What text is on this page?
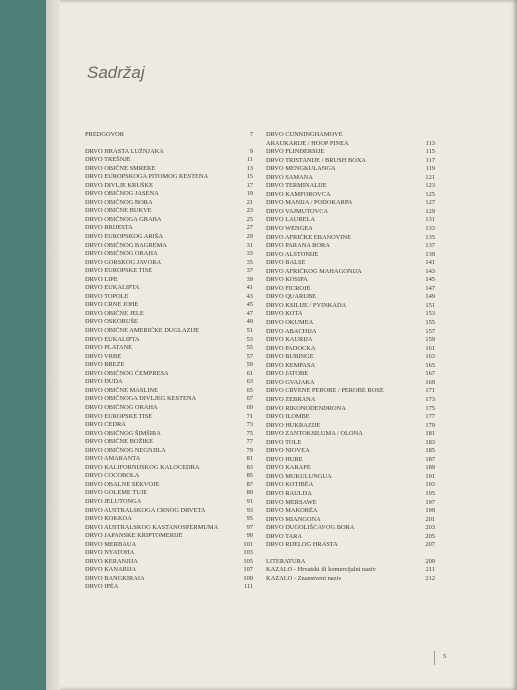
Sadržaj
PREDGOVOR	7
DRVO HRASTA LUŽNJAKA	9
DRVO TREŠNJE	11
DRVO OBIČNE SMREKE	13
DRVO EUROPSKOGA PITOMOG KESTENA	15
DRVO DIVLJE KRUŠKE	17
DRVO OBIČNOG JASENA	19
DRVO OBIČNOG BORA	21
DRVO OBIČNE BUKVE	23
DRVO OBIČNOGA GRABA	25
DRVO BRIJESTA	27
DRVO EUROPSKOG ARIŠA	29
DRVO OBIČNOG BAGREMA	31
DRVO OBIČNOG ORAHA	33
DRVO GORSKOG JAVORA	35
DRVO EUROPSKE TISE	37
DRVO LIPE	39
DRVO EUKALIPTA	41
DRVO TOPOLE	43
DRVO CRNE JOHE	45
DRVO OBIČNE JELE	47
DRVO OSKORUŠE	49
DRVO OBIČNE AMERIČKE DUGLAZIJE	51
DRVO EUKALIPTA	53
DRVO PLATANE	55
DRVO VRBE	57
DRVO BREZE	59
DRVO OBIČNOG ČEMPRESA	61
DRVO DUDA	63
DRVO OBIČNE MASLINE	65
DRVO OBIČNOGA DIVLJEG KESTENA	67
DRVO OBIČNOG ORAHA	69
DRVO EUROPSKE TISE	71
DRVO CEDRA	73
DRVO OBIČNOG ŠIMŠIRA	75
DRVO OBIČNE BOŽIKE	77
DRVO OBIČNOG NEGNJILA	79
DRVO AMARANTA	81
DRVO KALIFORNIJSKOG KALOCEDRA	83
DRVO COCOBOLA	85
DRVO OBALNE SEKVOJE	87
DRVO GOLEME TUJE	89
DRVO JELUTONGA	91
DRVO AUSTRALSKOGA CRNOG DRVETA	93
DRVO KOKKOA	95
DRVO AUSTRALSKOG KASTANOSPERMUMA	97
DRVO JAPANSKE KRIPTOMERIJE	99
DRVO MERBAUA	101
DRVO NYATOHA	103
DRVO KERANJIJA	105
DRVO KANARIJA	107
DRVO BANGKIRAIA	109
DRVO IPĚA	111
DRVO CUNNINGHAMOVE
ARAUKARIJE / HOOP PINEA	113
DRVO FLINDERSIJE	115
DRVO TRISTANIJE / BRUSH BOXA	117
DRVO MENGKULANGA	119
DRVO SAMANA	121
DRVO TERMINALIJE	123
DRVO KAMFOROVCA	125
DRVO MANIJA / PODOKARPA	127
DRVO VAJMUTOVCA	129
DRVO LAURELA	131
DRVO WENGEA	133
DRVO AFRIČKE EBANOVINE	135
DRVO PARANA BORA	137
DRVO ALSTONIJE	139
DRVO BALSE	141
DRVO AFRIČKOG MAHAGONIJA	143
DRVO KOSIPA	145
DRVO FICROJE	147
DRVO QUARUBE	149
DRVO KSILIJE / PYINKADA	151
DRVO KOTA	153
DRVO OKUMEA	155
DRVO ABACHIJA	157
DRVO KAURIJA	159
DRVO PADOCKA	161
DRVO BUBINGE	163
DRVO KEMPASA	165
DRVO JATOBE	167
DRVO GVAJAKA	169
DRVO CRVENE PEROBE / PEROBE ROSE	171
DRVO ZEBRANA	173
DRVO RIKONODENDRONA	175
DRVO ILOMBE	177
DRVO HUKRAZIJE	179
DRVO ZANTOKSILUMA / OLONA	181
DRVO TOLE	183
DRVO NIOVEA	185
DRVO HURE	187
DRVO KARAPE	189
DRVO MUKULUNGUA	191
DRVO KOTIBĚA	193
DRVO RAULDA	195
DRVO MERSAWE	197
DRVO MAKORĚA	199
DRVO MIANGONA	201
DRVO DUGOLIŠĆAVOG BORA	203
DRVO TARA	205
DRVO RIJELOG HRASTA	207
LITERATURA	209
KAZALO - Hrvatski ili komercijalni naziv	211
KAZALO - Znanstveni naziv	212
5
